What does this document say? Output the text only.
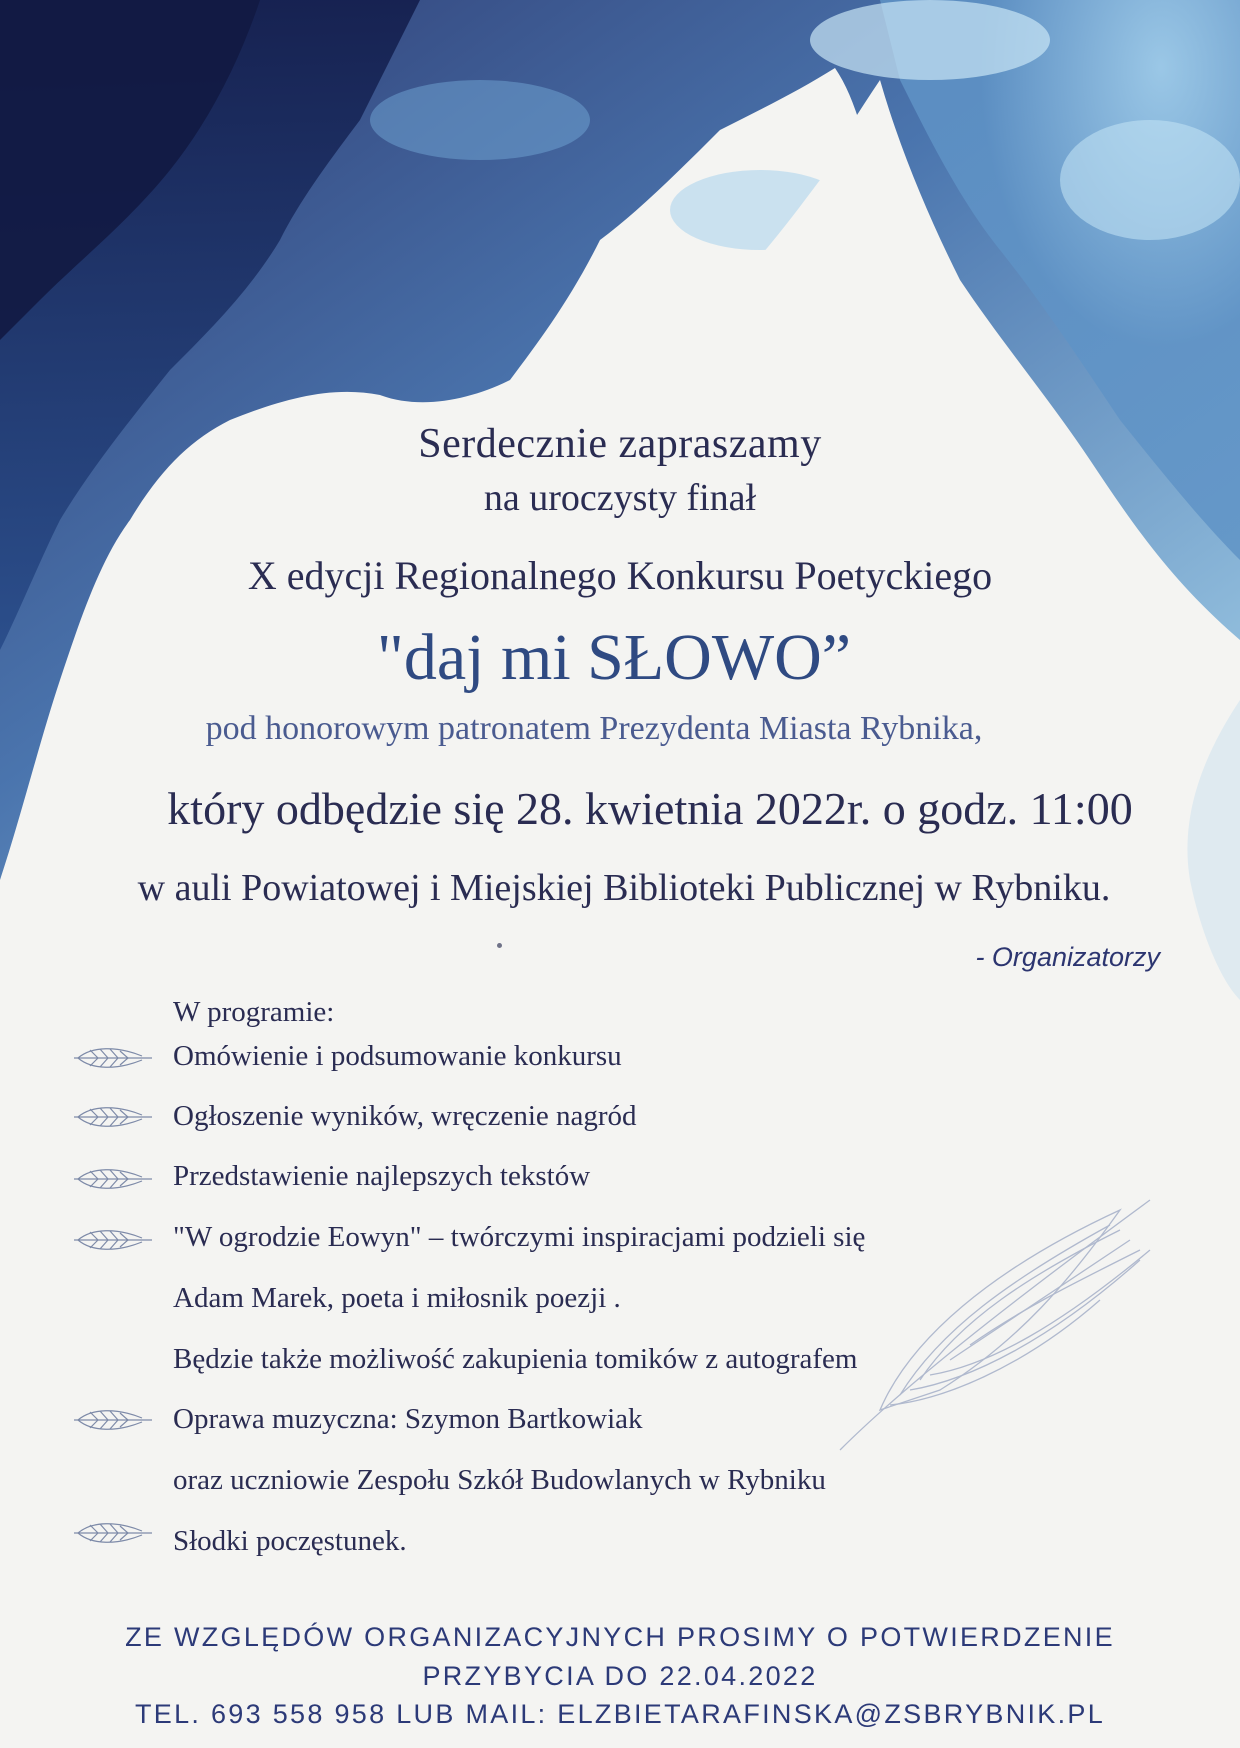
Serdecznie zapraszamy
na uroczysty finał
X edycji Regionalnego Konkursu Poetyckiego
"daj mi SŁOWO”
pod honorowym patronatem Prezydenta Miasta Rybnika,
który odbędzie się 28. kwietnia 2022r. o godz. 11:00
w auli Powiatowej i Miejskiej Biblioteki Publicznej w Rybniku.
- Organizatorzy
W programie:
Omówienie i podsumowanie konkursu
Ogłoszenie wyników, wręczenie nagród
Przedstawienie najlepszych tekstów
"W ogrodzie Eowyn" – twórczymi inspiracjami podzieli się
Adam Marek, poeta i miłosnik poezji .
Będzie także możliwość zakupienia tomików z autografem
Oprawa muzyczna: Szymon Bartkowiak
oraz uczniowie Zespołu Szkół Budowlanych w Rybniku
Słodki poczęstunek.
ZE WZGLĘDÓW ORGANIZACYJNYCH PROSIMY O POTWIERDZENIE
PRZYBYCIA DO 22.04.2022
TEL. 693 558 958 LUB MAIL: ELZBIETARAFINSKA@ZSBRYBNIK.PL
